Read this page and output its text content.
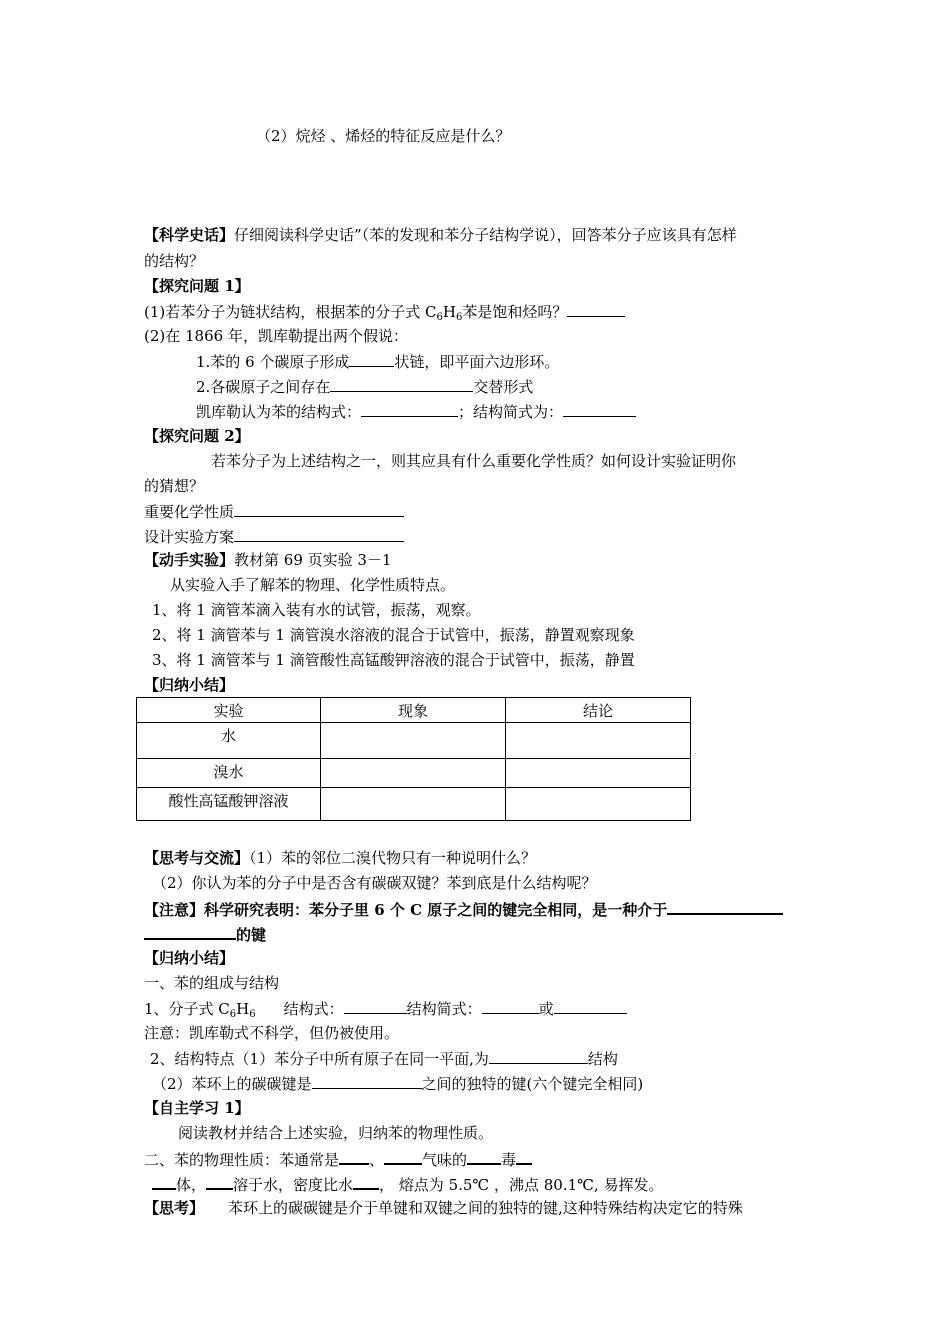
（2）烷烃 、烯烃的特征反应是什么？
【科学史话】仔细阅读科学史话”（苯的发现和苯分子结构学说），回答苯分子应该具有怎样
的结构？
【探究问题 1】
(1)若苯分子为链状结构，根据苯的分子式 $C_6H_6$苯是饱和烃吗？
(2)在 1866 年，凯库勒提出两个假说：
1.苯的 6 个碳原子形成	状链，即平面六边形环。
2.各碳原子之间存在	交替形式
凯库勒认为苯的结构式：	；结构简式为：
【探究问题 2】
若苯分子为上述结构之一，则其应具有什么重要化学性质？如何设计实验证明你
的猜想？
重要化学性质
设计实验方案
【动手实验】教材第 69 页实验 3－1
从实验入手了解苯的物理、化学性质特点。
1、将 1 滴管苯滴入装有水的试管，振荡，观察。
2、将 1 滴管苯与 1 滴管溴水溶液的混合于试管中，振荡，静置观察现象
3、将 1 滴管苯与 1 滴管酸性高锰酸钾溶液的混合于试管中，振荡，静置
【归纳小结】
实验	现象	结论
水		
溴水		
酸性高锰酸钾溶液		
【思考与交流】（1）苯的邻位二溴代物只有一种说明什么？
（2）你认为苯的分子中是否含有碳碳双键？苯到底是什么结构呢？
【注意】科学研究表明：苯分子里 6 个 C 原子之间的键完全相同，是一种介于
的键
【归纳小结】
一、苯的组成与结构
1、分子式 $C_6H_6$ 结构式：	结构简式：	或
注意：凯库勒式不科学，但仍被使用。
2、结构特点（1）苯分子中所有原子在同一平面,为	结构
（2）苯环上的碳碳键是	之间的独特的键(六个键完全相同)
【自主学习 1】
阅读教材并结合上述实验，归纳苯的物理性质。
二、苯的物理性质：苯通常是 、	气味的 毒
体， 溶于水，密度比水 ， 熔点为 5.5℃ ，沸点 80.1℃, 易挥发。
【思考】 苯环上的碳碳键是介于单键和双键之间的独特的键,这种特殊结构决定它的特殊
